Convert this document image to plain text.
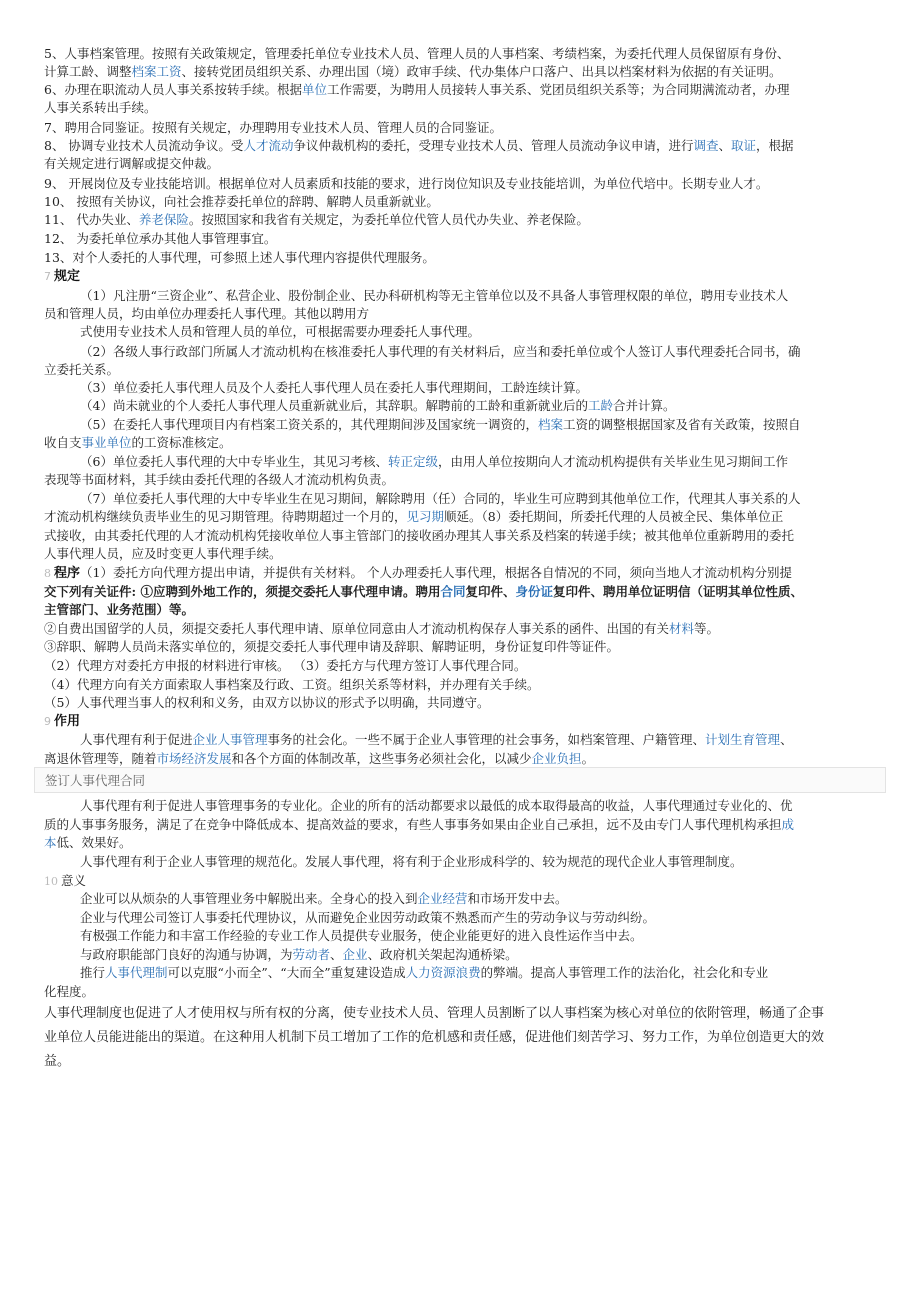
5、人事档案管理。按照有关政策规定，管理委托单位专业技术人员、管理人员的人事档案、考绩档案，为委托代理人员保留原有身份、
计算工龄、调整档案工资、接转党团员组织关系、办理出国（境）政审手续、代办集体户口落户、出具以档案材料为依据的有关证明。
6、办理在职流动人员人事关系按转手续。根据单位工作需要，为聘用人员接转人事关系、党团员组织关系等；为合同期满流动者，办理
人事关系转出手续。
7、聘用合同鉴证。按照有关规定，办理聘用专业技术人员、管理人员的合同鉴证。
8、 协调专业技术人员流动争议。受人才流动争议仲裁机构的委托，受理专业技术人员、管理人员流动争议申请，进行调查、取证，根据
有关规定进行调解或提交仲裁。
9、 开展岗位及专业技能培训。根据单位对人员素质和技能的要求，进行岗位知识及专业技能培训，为单位代培中。长期专业人才。
10、 按照有关协议，向社会推荐委托单位的辞聘、解聘人员重新就业。
11、 代办失业、养老保险。按照国家和我省有关规定，为委托单位代管人员代办失业、养老保险。
12、 为委托单位承办其他人事管理事宜。
13、对个人委托的人事代理，可参照上述人事代理内容提供代理服务。
7 规定
（1）凡注册“三资企业”、私营企业、股份制企业、民办科研机构等无主管单位以及不具备人事管理权限的单位，聘用专业技术人
员和管理人员，均由单位办理委托人事代理。其他以聘用方
式使用专业技术人员和管理人员的单位，可根据需要办理委托人事代理。
（2）各级人事行政部门所属人才流动机构在核准委托人事代理的有关材料后，应当和委托单位或个人签订人事代理委托合同书，确
立委托关系。
（3）单位委托人事代理人员及个人委托人事代理人员在委托人事代理期间，工龄连续计算。
（4）尚未就业的个人委托人事代理人员重新就业后，其辞职。解聘前的工龄和重新就业后的工龄合并计算。
（5）在委托人事代理项目内有档案工资关系的，其代理期间涉及国家统一调资的，档案工资的调整根据国家及省有关政策，按照自
收自支事业单位的工资标准核定。
（6）单位委托人事代理的大中专毕业生，其见习考核、转正定级，由用人单位按期向人才流动机构提供有关毕业生见习期间工作
表现等书面材料，其手续由委托代理的各级人才流动机构负责。
（7）单位委托人事代理的大中专毕业生在见习期间，解除聘用（任）合同的，毕业生可应聘到其他单位工作，代理其人事关系的人
才流动机构继续负责毕业生的见习期管理。待聘期超过一个月的，见习期顺延。（8）委托期间，所委托代理的人员被全民、集体单位正
式接收，由其委托代理的人才流动机构凭接收单位人事主管部门的接收函办理其人事关系及档案的转递手续；被其他单位重新聘用的委托
人事代理人员，应及时变更人事代理手续。
8 程序（1）委托方向代理方提出申请，并提供有关材料。 个人办理委托人事代理，根据各自情况的不同，须向当地人才流动机构分别提
交下列有关证件: ①应聘到外地工作的，须提交委托人事代理申请。聘用合同复印件、身份证复印件、聘用单位证明信（证明其单位性质、
主管部门、业务范围）等。
②自费出国留学的人员，须提交委托人事代理申请、原单位同意由人才流动机构保存人事关系的函件、出国的有关材料等。
③辞职、解聘人员尚未落实单位的，须提交委托人事代理申请及辞职、解聘证明，身份证复印件等证件。
（2）代理方对委托方申报的材料进行审核。 （3）委托方与代理方签订人事代理合同。
（4）代理方向有关方面索取人事档案及行政、工资。组织关系等材料，并办理有关手续。
（5）人事代理当事人的权利和义务，由双方以协议的形式予以明确，共同遵守。
9 作用
人事代理有利于促进企业人事管理事务的社会化。一些不属于企业人事管理的社会事务，如档案管理、户籍管理、计划生育管理、
离退休管理等，随着市场经济发展和各个方面的体制改革，这些事务必须社会化，以减少企业负担。
签订人事代理合同
人事代理有利于促进人事管理事务的专业化。企业的所有的活动都要求以最低的成本取得最高的收益，人事代理通过专业化的、优
质的人事事务服务，满足了在竞争中降低成本、提高效益的要求，有些人事事务如果由企业自己承担，远不及由专门人事代理机构承担成
本低、效果好。
人事代理有利于企业人事管理的规范化。发展人事代理，将有利于企业形成科学的、较为规范的现代企业人事管理制度。
10 意义
企业可以从烦杂的人事管理业务中解脱出来。全身心的投入到企业经营和市场开发中去。
企业与代理公司签订人事委托代理协议，从而避免企业因劳动政策不熟悉而产生的劳动争议与劳动纠纷。
有极强工作能力和丰富工作经验的专业工作人员提供专业服务，使企业能更好的进入良性运作当中去。
与政府职能部门良好的沟通与协调，为劳动者、企业、政府机关架起沟通桥梁。
推行人事代理制可以克服“小而全”、“大而全”重复建设造成人力资源浪费的弊端。提高人事管理工作的法治化，社会化和专业
化程度。
人事代理制度也促进了人才使用权与所有权的分离，使专业技术人员、管理人员割断了以人事档案为核心对单位的依附管理，畅通了企事
业单位人员能进能出的渠道。在这种用人机制下员工增加了工作的危机感和责任感，促进他们刻苦学习、努力工作，为单位创造更大的效
益。
